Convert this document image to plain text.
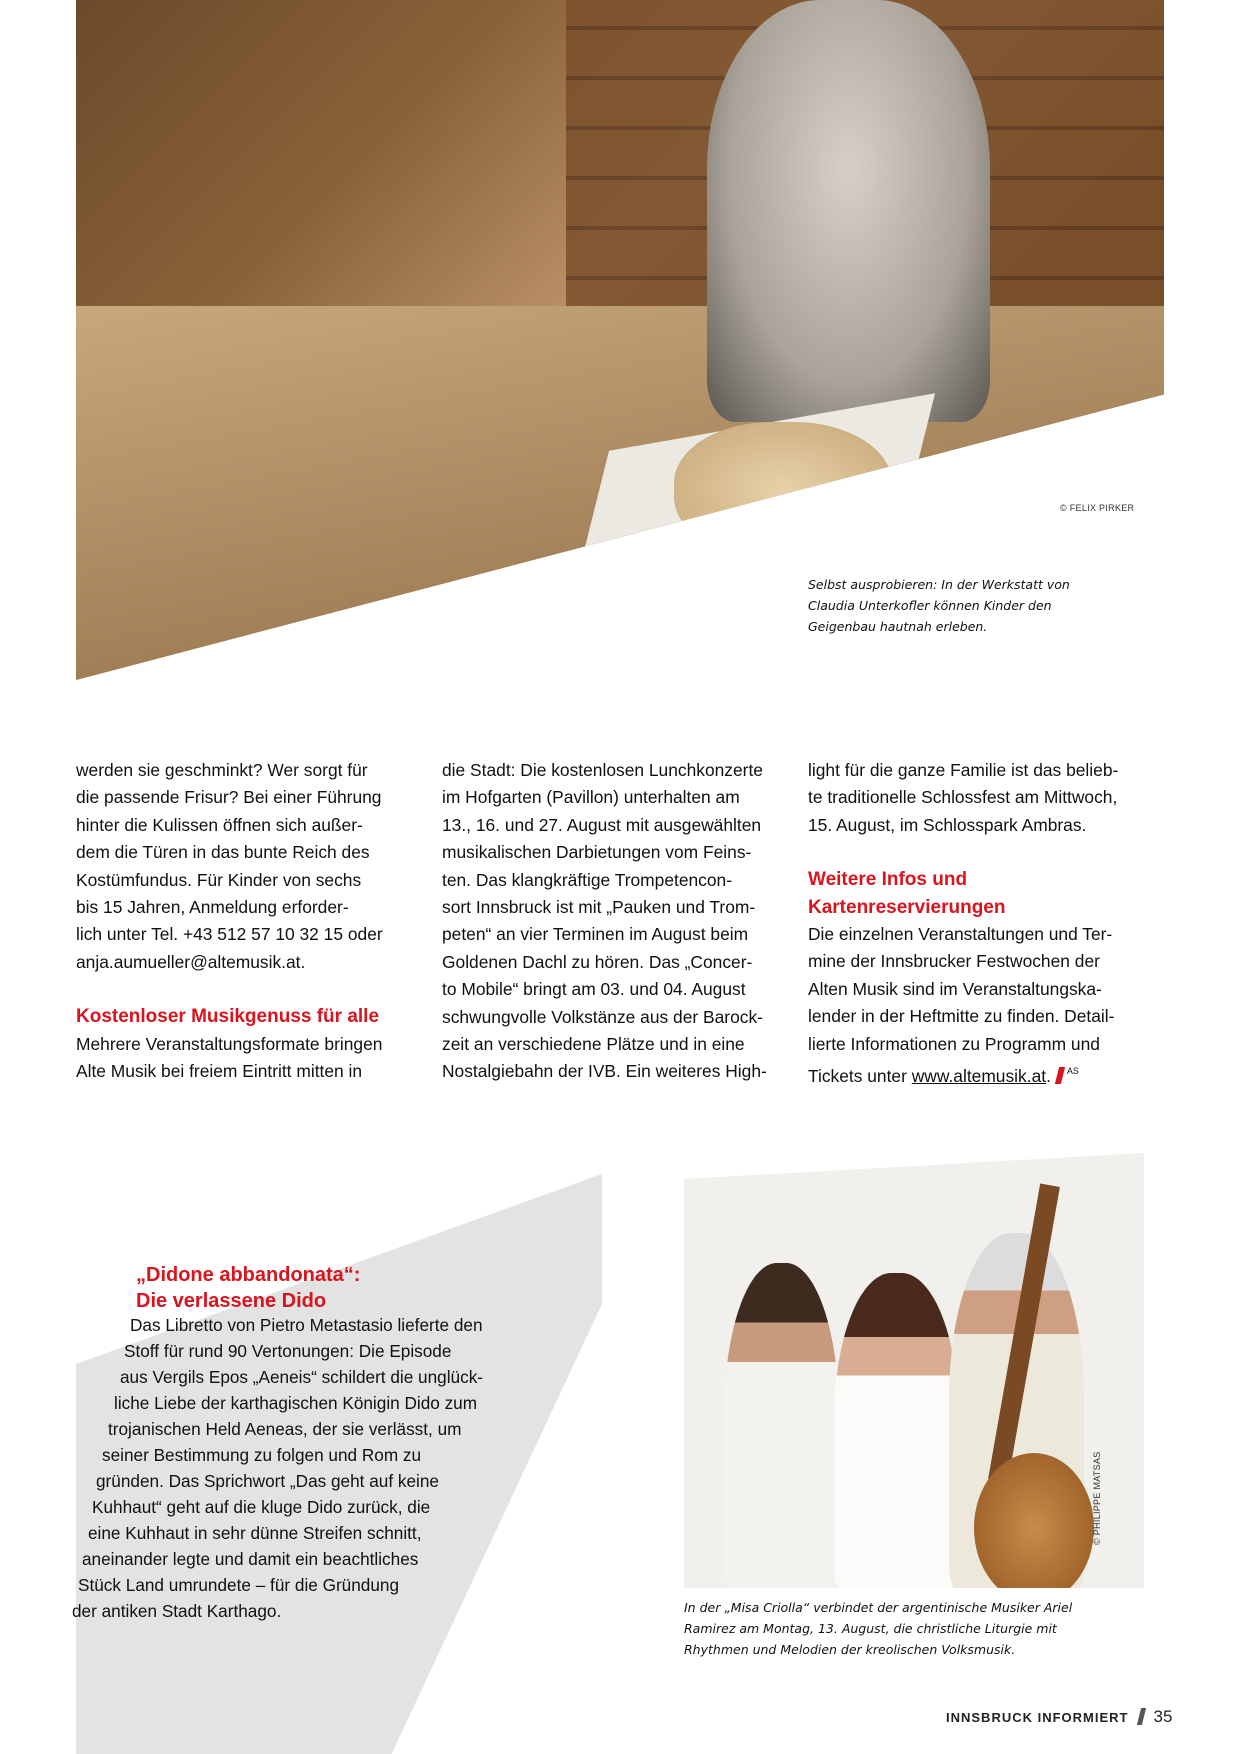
© FELIX PIRKER
Selbst ausprobieren: In der Werkstatt von
Claudia Unterkofler können Kinder den
Geigenbau hautnah erleben.

werden sie geschminkt? Wer sorgt für

die passende Frisur? Bei einer Führung

hinter die Kulissen öffnen sich außer-

dem die Türen in das bunte Reich des

Kostümfundus. Für Kinder von sechs

bis 15 Jahren, Anmeldung erforder-

lich unter Tel. +43 512 57 10 32 15 oder

anja.aumueller@altemusik.at.

Kostenloser Musikgenuss für alle

Mehrere Veranstaltungsformate bringen

Alte Musik bei freiem Eintritt mitten in

die Stadt: Die kostenlosen Lunchkonzerte

im Hofgarten (Pavillon) unterhalten am

13., 16. und 27. August mit ausgewählten

musikalischen Darbietungen vom Feins-

ten. Das klangkräftige Trompetencon-

sort Innsbruck ist mit „Pauken und Trom-

peten“ an vier Terminen im August beim

Goldenen Dachl zu hören. Das „Concer-

to Mobile“ bringt am 03. und 04. August

schwungvolle Volkstänze aus der Barock-

zeit an verschiedene Plätze und in eine

Nostalgiebahn der IVB. Ein weiteres High-

light für die ganze Familie ist das belieb-

te traditionelle Schlossfest am Mittwoch,

15. August, im Schlosspark Ambras.

Weitere Infos und

Kartenreservierungen

Die einzelnen Veranstaltungen und Ter-

mine der Innsbrucker Festwochen der

Alten Musik sind im Veranstaltungska-

lender in der Heftmitte zu finden. Detail-

lierte Informationen zu Programm und

Tickets unter www.altemusik.at. $^{AS}$

„Didone abbandonata“:
Die verlassene Dido
Das Libretto von Pietro Metastasio lieferte den
Stoff für rund 90 Vertonungen: Die Episode
aus Vergils Epos „Aeneis“ schildert die unglück-
liche Liebe der karthagischen Königin Dido zum
trojanischen Held Aeneas, der sie verlässt, um
seiner Bestimmung zu folgen und Rom zu
gründen. Das Sprichwort „Das geht auf keine
Kuhhaut“ geht auf die kluge Dido zurück, die
eine Kuhhaut in sehr dünne Streifen schnitt,
aneinander legte und damit ein beachtliches
Stück Land umrundete – für die Gründung
der antiken Stadt Karthago.
© PHILIPPE MATSAS
In der „Misa Criolla“ verbindet der argentinische Musiker Ariel
Ramirez am Montag, 13. August, die christliche Liturgie mit
Rhythmen und Melodien der kreolischen Volksmusik.
INNSBRUCK INFORMIERT 35
